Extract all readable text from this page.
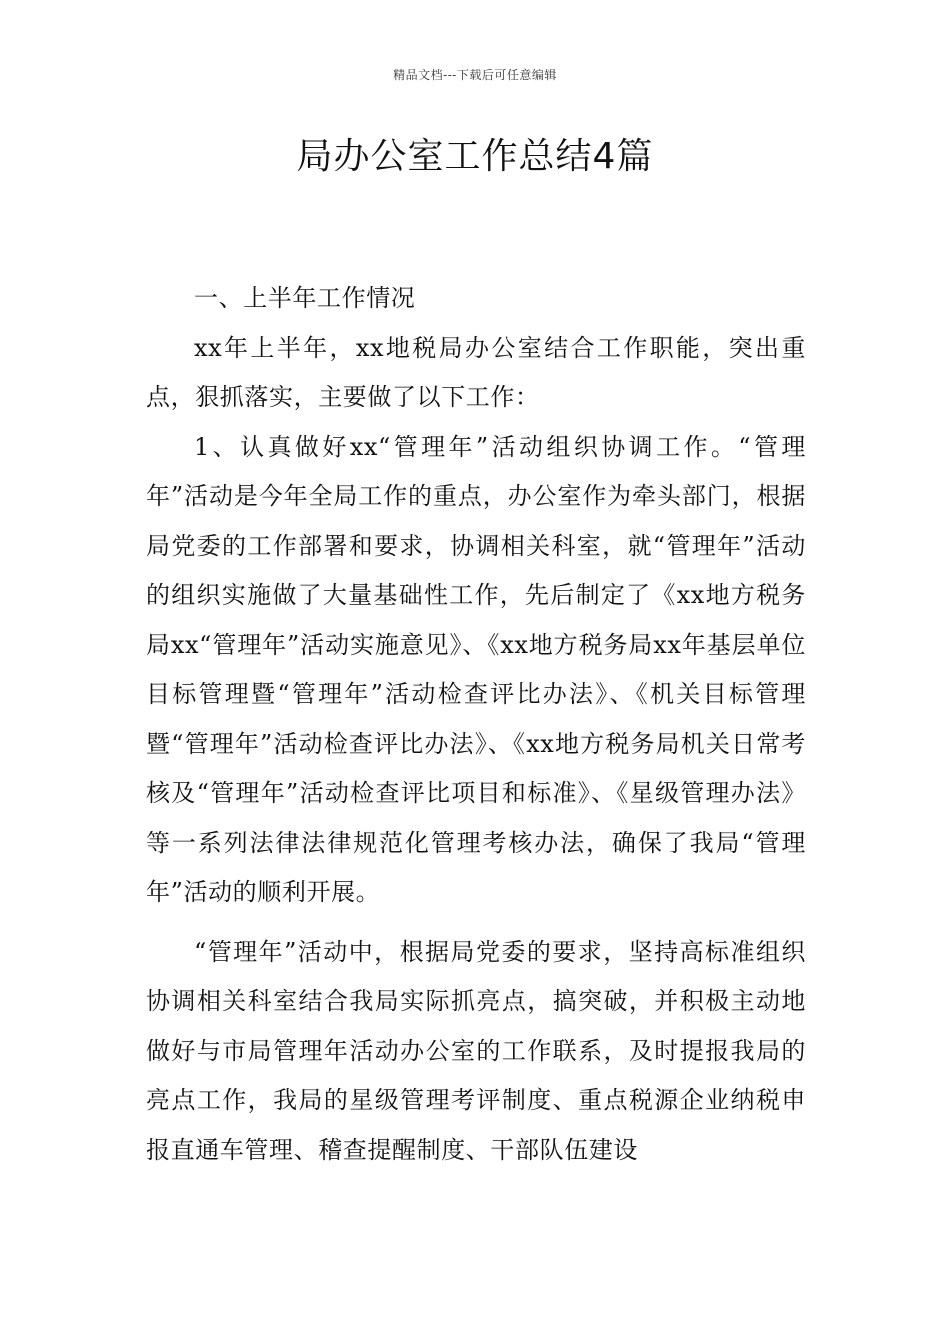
精品文档---下载后可任意编辑
局办公室工作总结4篇

一、上半年工作情况

xx年上半年，xx地税局办公室结合工作职能，突出重点，狠抓落实，主要做了以下工作：

1、认真做好xx“管理年”活动组织协调工作。“管理年”活动是今年全局工作的重点，办公室作为牵头部门，根据局党委的工作部署和要求，协调相关科室，就“管理年”活动的组织实施做了大量基础性工作，先后制定了《xx地方税务局xx“管理年”活动实施意见》、《xx地方税务局xx年基层单位目标管理暨“管理年”活动检查评比办法》、《机关目标管理暨“管理年”活动检查评比办法》、《xx地方税务局机关日常考核及“管理年”活动检查评比项目和标准》、《星级管理办法》等一系列法律法律规范化管理考核办法，确保了我局“管理年”活动的顺利开展。

“管理年”活动中，根据局党委的要求，坚持高标准组织协调相关科室结合我局实际抓亮点，搞突破，并积极主动地做好与市局管理年活动办公室的工作联系，及时提报我局的亮点工作，我局的星级管理考评制度、重点税源企业纳税申报直通车管理、稽查提醒制度、干部队伍建设
